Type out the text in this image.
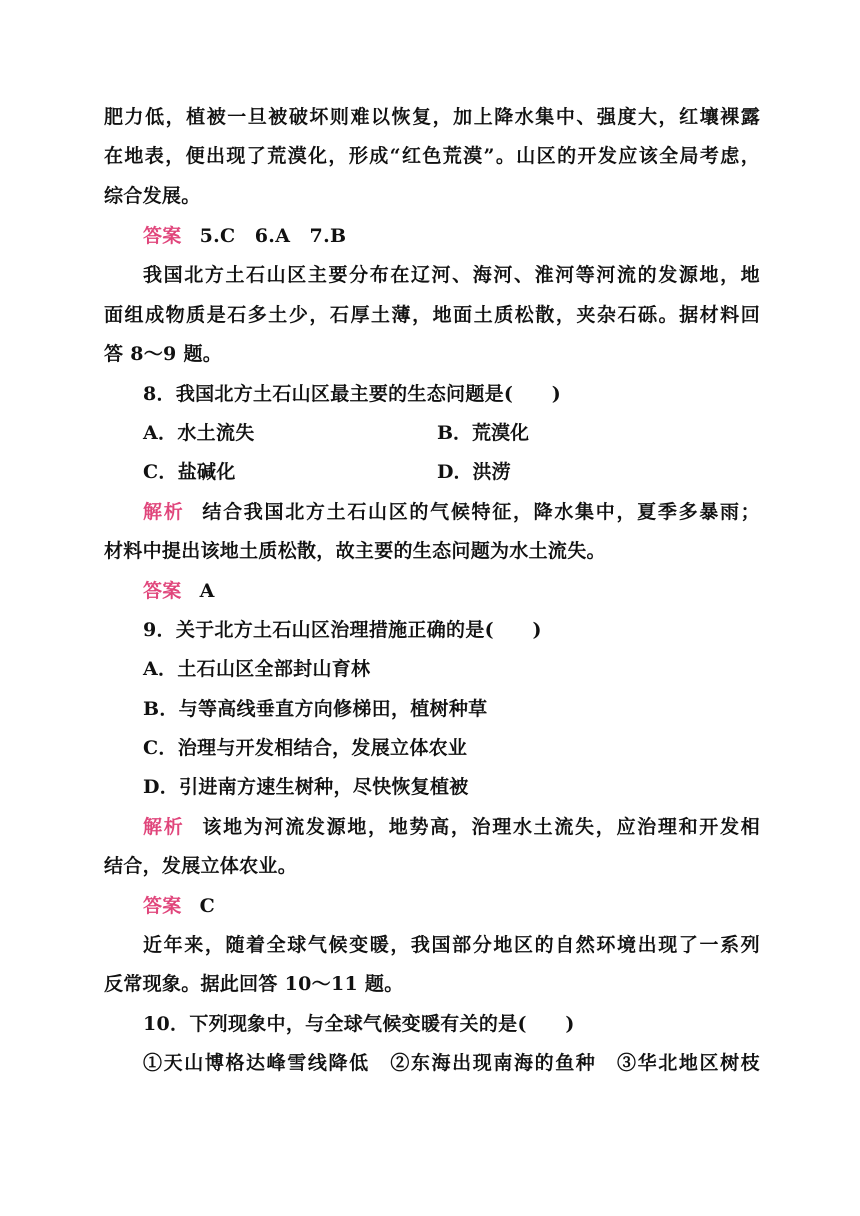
肥力低，植被一旦被破坏则难以恢复，加上降水集中、强度大，红壤裸露
在地表，便出现了荒漠化，形成“红色荒漠”。山区的开发应该全局考虑，
综合发展。
答案 5.C　6.A　7.B
我国北方土石山区主要分布在辽河、海河、淮河等河流的发源地，地
面组成物质是石多土少，石厚土薄，地面土质松散，夹杂石砾。据材料回
答 8～9 题。
8．我国北方土石山区最主要的生态问题是(　　)
A．水土流失	B．荒漠化
C．盐碱化	D．洪涝
解析 结合我国北方土石山区的气候特征，降水集中，夏季多暴雨；
材料中提出该地土质松散，故主要的生态问题为水土流失。
答案 A
9．关于北方土石山区治理措施正确的是(　　)
A．土石山区全部封山育林
B．与等高线垂直方向修梯田，植树种草
C．治理与开发相结合，发展立体农业
D．引进南方速生树种，尽快恢复植被
解析 该地为河流发源地，地势高，治理水土流失，应治理和开发相
结合，发展立体农业。
答案 C
近年来，随着全球气候变暖，我国部分地区的自然环境出现了一系列
反常现象。据此回答 10～11 题。
10．下列现象中，与全球气候变暖有关的是(　　)
①天山博格达峰雪线降低　②东海出现南海的鱼种　③华北地区树枝
